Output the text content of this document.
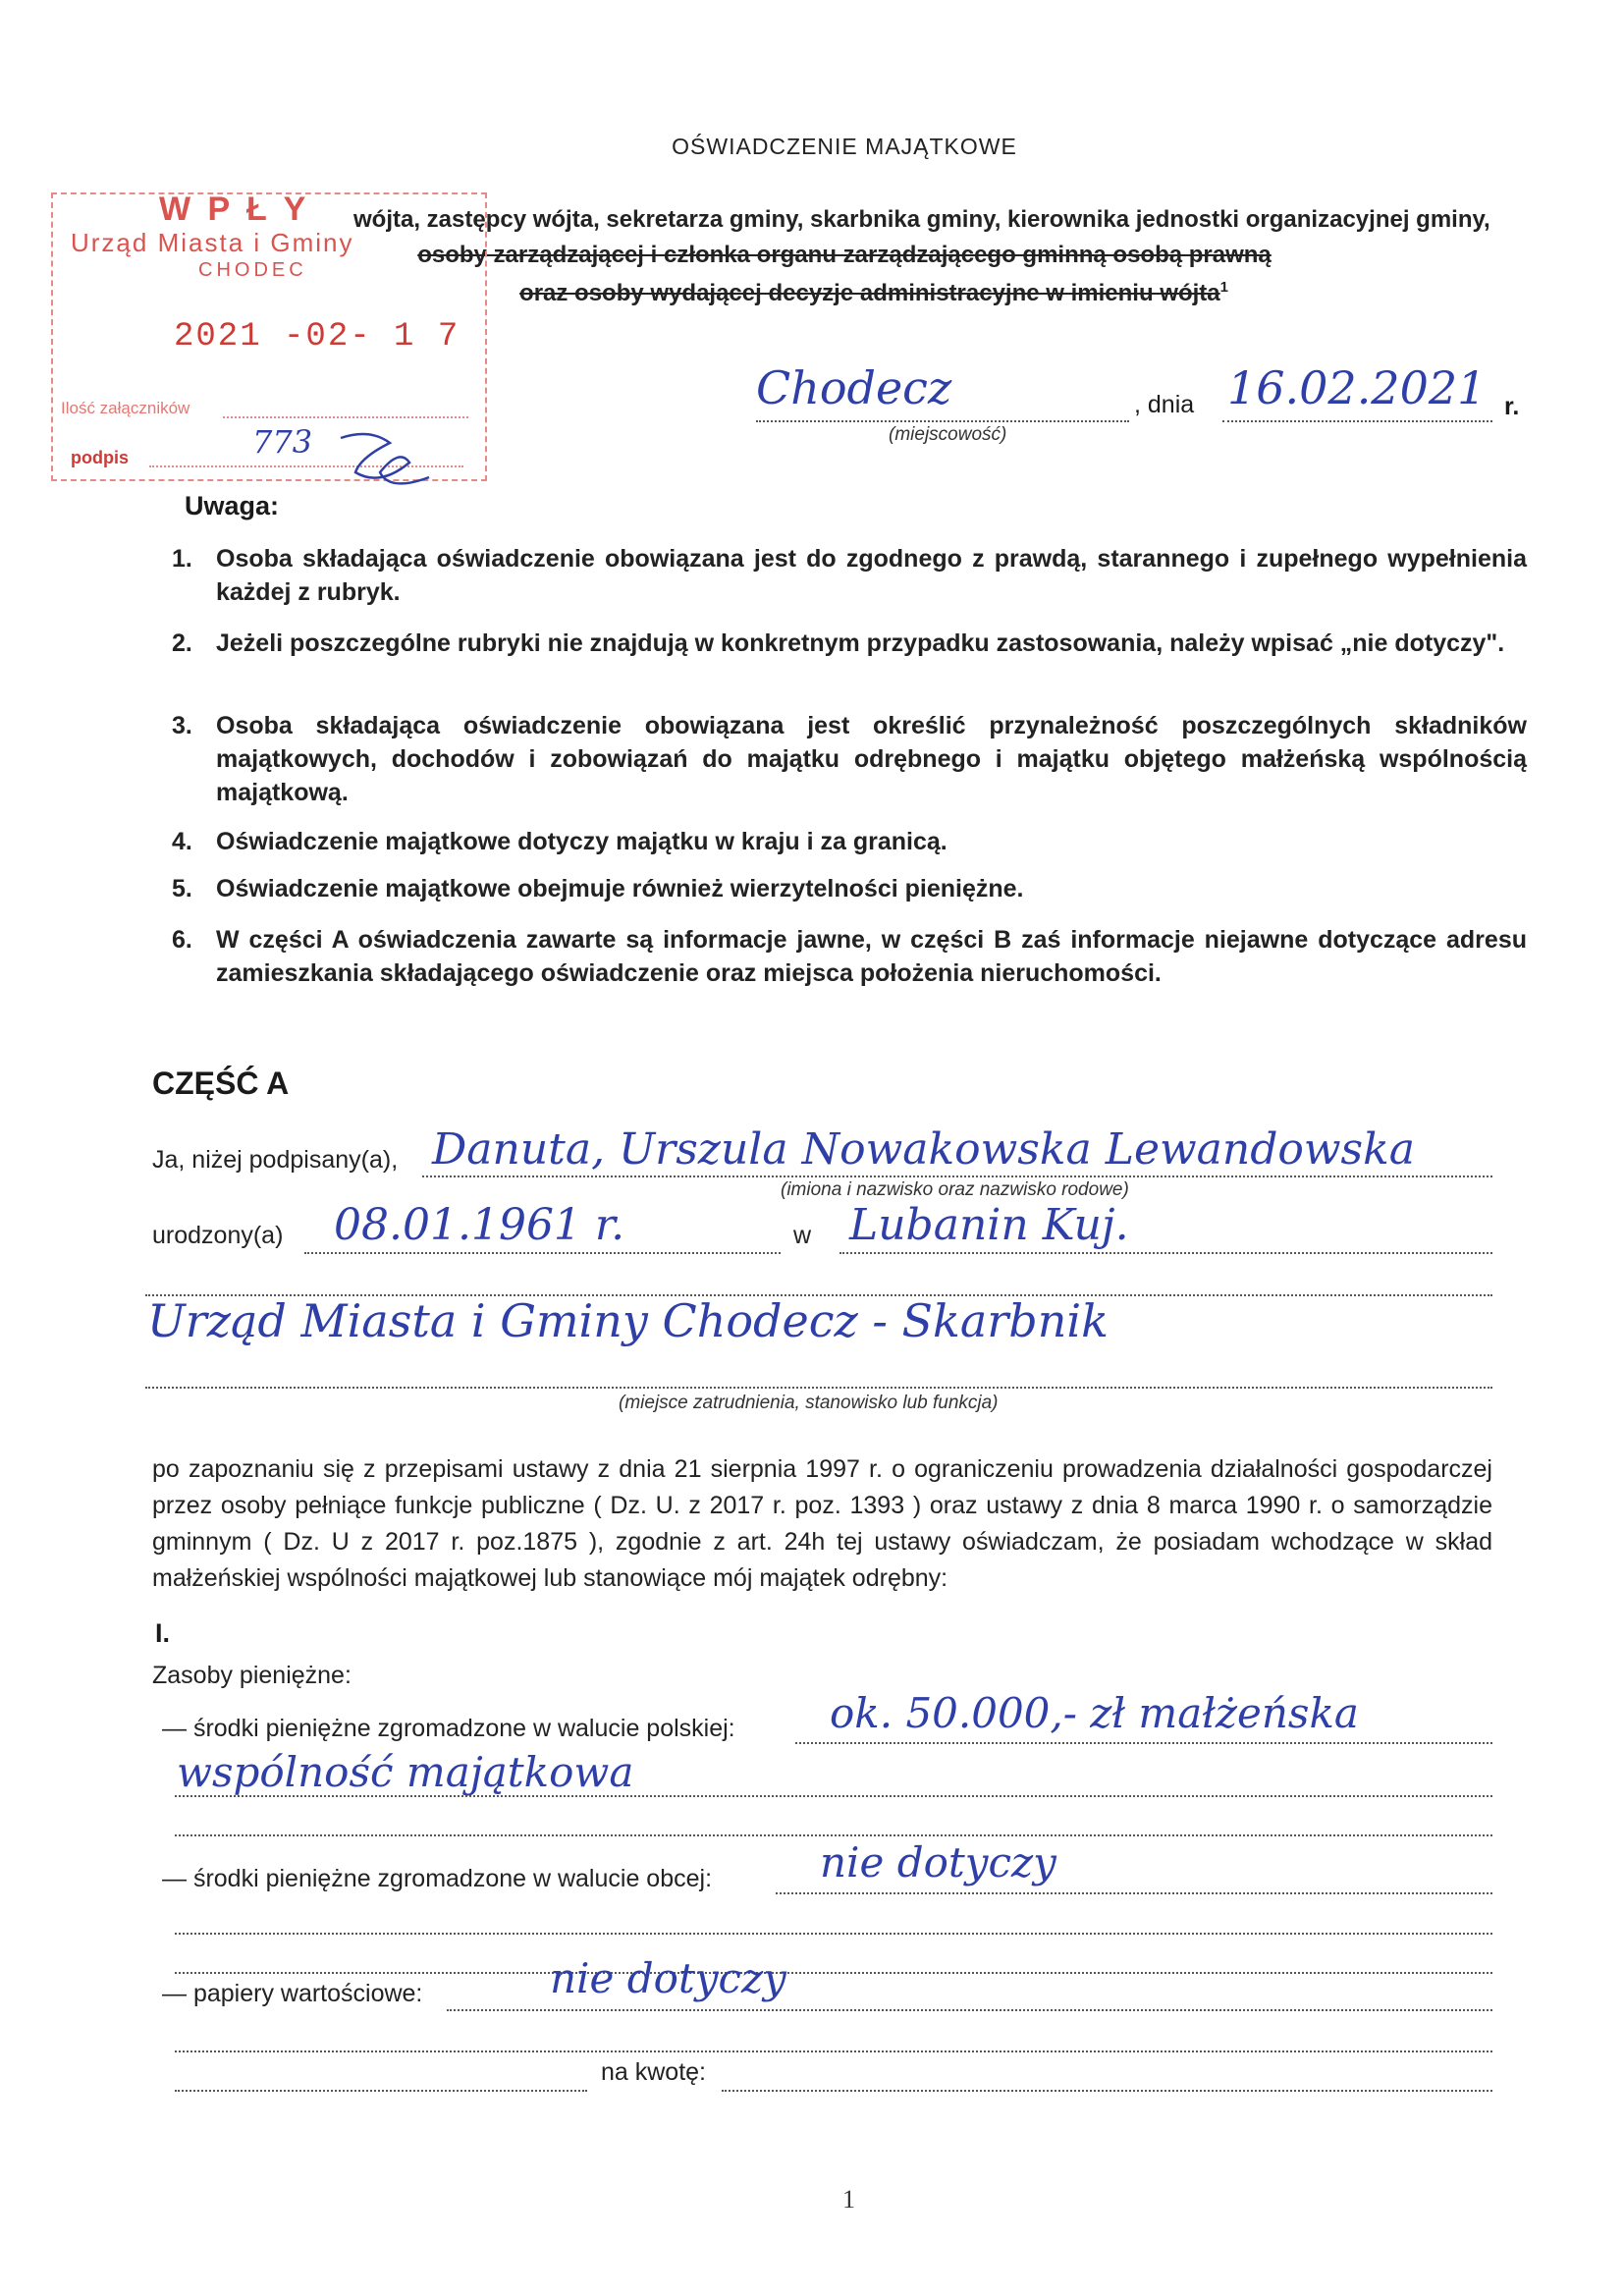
OŚWIADCZENIE MAJĄTKOWE
wójta, zastępcy wójta, sekretarza gminy, skarbnika gminy, kierownika jednostki organizacyjnej gminy,
osoby zarządzającej i członka organu zarządzającego gminną osobą prawną
oraz osoby wydającej decyzje administracyjne w imieniu wójta$^1$
W P Ł Y
Urząd Miasta i Gminy
CHODEC
2021 -02- 1 7
Ilość załączników
podpis	773
Chodecz
(miejscowość)
, dnia 16.02.2021 r.
Uwaga:
1. Osoba składająca oświadczenie obowiązana jest do zgodnego z prawdą, starannego i zupełnego wypełnienia każdej z rubryk.
2. Jeżeli poszczególne rubryki nie znajdują w konkretnym przypadku zastosowania, należy wpisać „nie dotyczy".
3. Osoba składająca oświadczenie obowiązana jest określić przynależność poszczególnych składników majątkowych, dochodów i zobowiązań do majątku odrębnego i majątku objętego małżeńską wspólnością majątkową.
4. Oświadczenie majątkowe dotyczy majątku w kraju i za granicą.
5. Oświadczenie majątkowe obejmuje również wierzytelności pieniężne.
6. W części A oświadczenia zawarte są informacje jawne, w części B zaś informacje niejawne dotyczące adresu zamieszkania składającego oświadczenie oraz miejsca położenia nieruchomości.
CZĘŚĆ A
Ja, niżej podpisany(a), Danuta, Urszula Nowakowska Lewandowska
(imiona i nazwisko oraz nazwisko rodowe)
urodzony(a) 08.01.1961 r.	w Lubanin Kuj.
Urząd Miasta i Gminy Chodecz - Skarbnik
(miejsce zatrudnienia, stanowisko lub funkcja)
po zapoznaniu się z przepisami ustawy z dnia 21 sierpnia 1997 r. o ograniczeniu prowadzenia działalności gospodarczej przez osoby pełniące funkcje publiczne ( Dz. U. z 2017 r. poz. 1393 ) oraz ustawy z dnia 8 marca 1990 r. o samorządzie gminnym ( Dz. U z 2017 r. poz.1875 ), zgodnie z art. 24h tej ustawy oświadczam, że posiadam wchodzące w skład małżeńskiej wspólności majątkowej lub stanowiące mój majątek odrębny:
I.
Zasoby pieniężne:
— środki pieniężne zgromadzone w walucie polskiej: ok. 50.000,- zł małżeńska
wspólność majątkowa
— środki pieniężne zgromadzone w walucie obcej:	nie dotyczy
— papiery wartościowe:	nie dotyczy
na kwotę:
1
